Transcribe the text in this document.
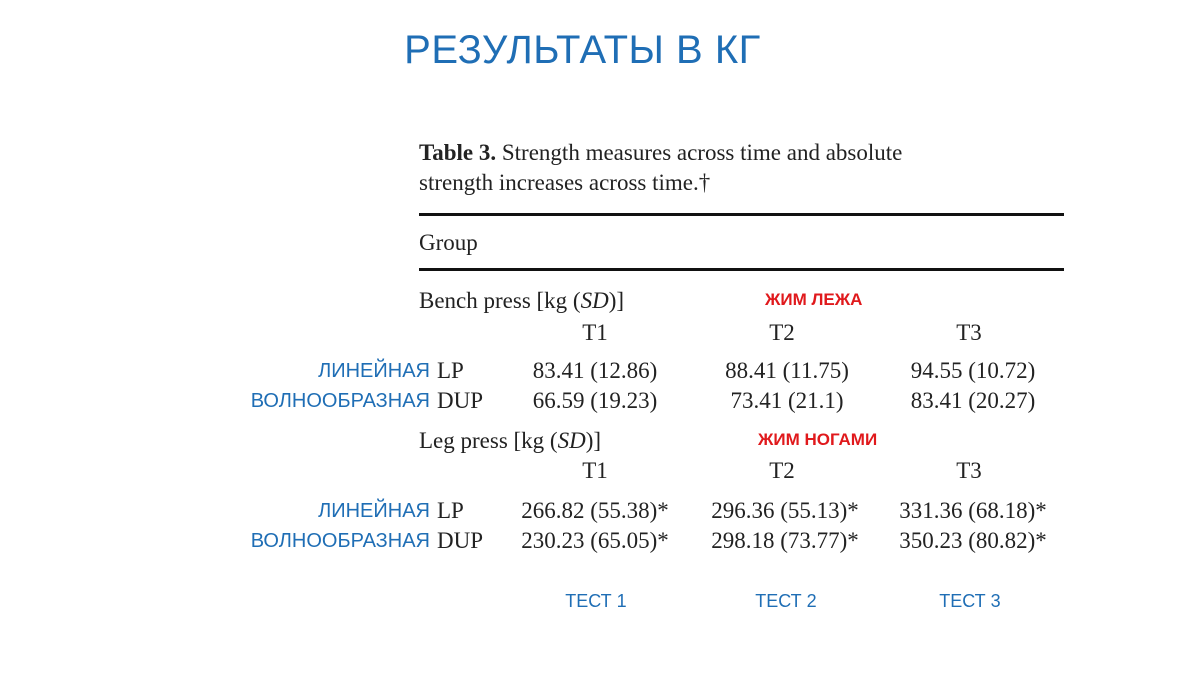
РЕЗУЛЬТАТЫ В КГ
Table 3. Strength measures across time and absolute
strength increases across time.†
Group
Bench press [kg (SD)]	ЖИМ ЛЕЖА
T1	T2	T3
ЛИНЕЙНАЯ LP	83.41 (12.86)	88.41 (11.75)	94.55 (10.72)
ВОЛНООБРАЗНАЯ DUP	66.59 (19.23)	73.41 (21.1)	83.41 (20.27)
Leg press [kg (SD)]	ЖИМ НОГАМИ
T1	T2	T3
ЛИНЕЙНАЯ LP	266.82 (55.38)*	296.36 (55.13)*	331.36 (68.18)*
ВОЛНООБРАЗНАЯ DUP	230.23 (65.05)*	298.18 (73.77)*	350.23 (80.82)*
ТЕСТ 1	ТЕСТ 2	ТЕСТ 3
